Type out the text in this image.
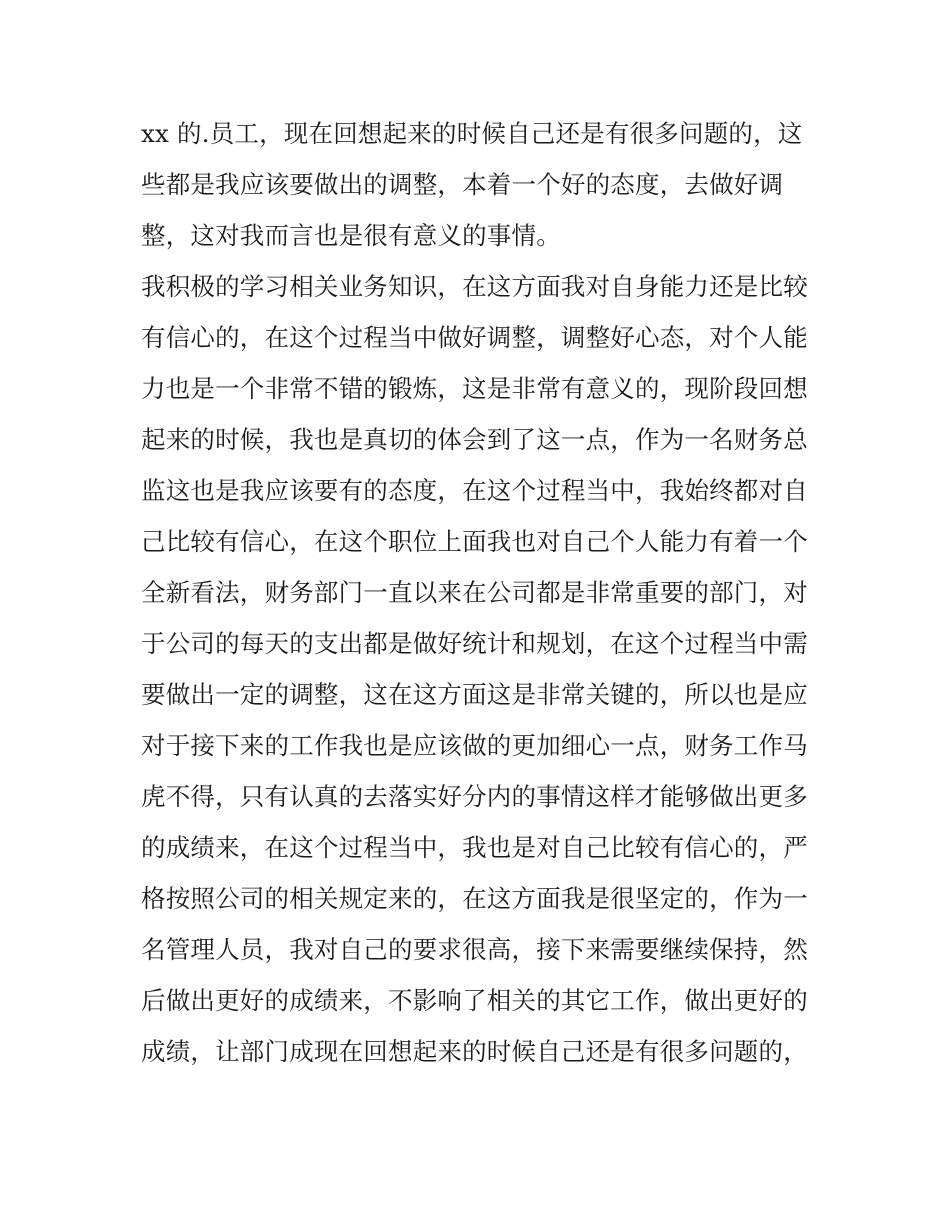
xx 的.员工，现在回想起来的时候自己还是有很多问题的，这
些都是我应该要做出的调整，本着一个好的态度，去做好调
整，这对我而言也是很有意义的事情。
我积极的学习相关业务知识，在这方面我对自身能力还是比较
有信心的，在这个过程当中做好调整，调整好心态，对个人能
力也是一个非常不错的锻炼，这是非常有意义的，现阶段回想
起来的时候，我也是真切的体会到了这一点，作为一名财务总
监这也是我应该要有的态度，在这个过程当中，我始终都对自
己比较有信心，在这个职位上面我也对自己个人能力有着一个
全新看法，财务部门一直以来在公司都是非常重要的部门，对
于公司的每天的支出都是做好统计和规划，在这个过程当中需
要做出一定的调整，这在这方面这是非常关键的，所以也是应
对于接下来的工作我也是应该做的更加细心一点，财务工作马
虎不得，只有认真的去落实好分内的事情这样才能够做出更多
的成绩来，在这个过程当中，我也是对自己比较有信心的，严
格按照公司的相关规定来的，在这方面我是很坚定的，作为一
名管理人员，我对自己的要求很高，接下来需要继续保持，然
后做出更好的成绩来，不影响了相关的其它工作，做出更好的
成绩，让部门成现在回想起来的时候自己还是有很多问题的，
